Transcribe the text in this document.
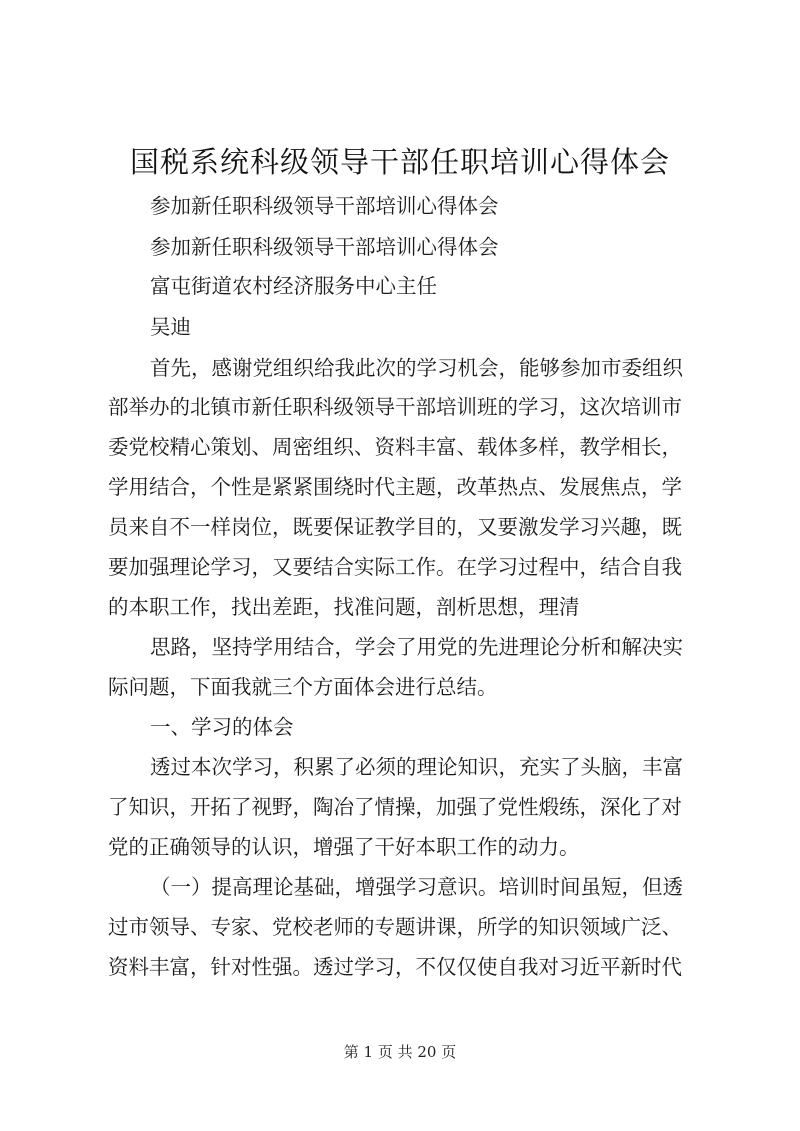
国税系统科级领导干部任职培训心得体会
参加新任职科级领导干部培训心得体会
参加新任职科级领导干部培训心得体会
富屯街道农村经济服务中心主任
吴迪
首先，感谢党组织给我此次的学习机会，能够参加市委组织
部举办的北镇市新任职科级领导干部培训班的学习，这次培训市
委党校精心策划、周密组织、资料丰富、载体多样，教学相长，
学用结合，个性是紧紧围绕时代主题，改革热点、发展焦点，学
员来自不一样岗位，既要保证教学目的，又要激发学习兴趣，既
要加强理论学习，又要结合实际工作。在学习过程中，结合自我
的本职工作，找出差距，找准问题，剖析思想，理清
思路，坚持学用结合，学会了用党的先进理论分析和解决实
际问题，下面我就三个方面体会进行总结。
一、学习的体会
透过本次学习，积累了必须的理论知识，充实了头脑，丰富
了知识，开拓了视野，陶冶了情操，加强了党性煅练，深化了对
党的正确领导的认识，增强了干好本职工作的动力。
（一）提高理论基础，增强学习意识。培训时间虽短，但透
过市领导、专家、党校老师的专题讲课，所学的知识领域广泛、
资料丰富，针对性强。透过学习，不仅仅使自我对习近平新时代
第 1 页 共 20 页
